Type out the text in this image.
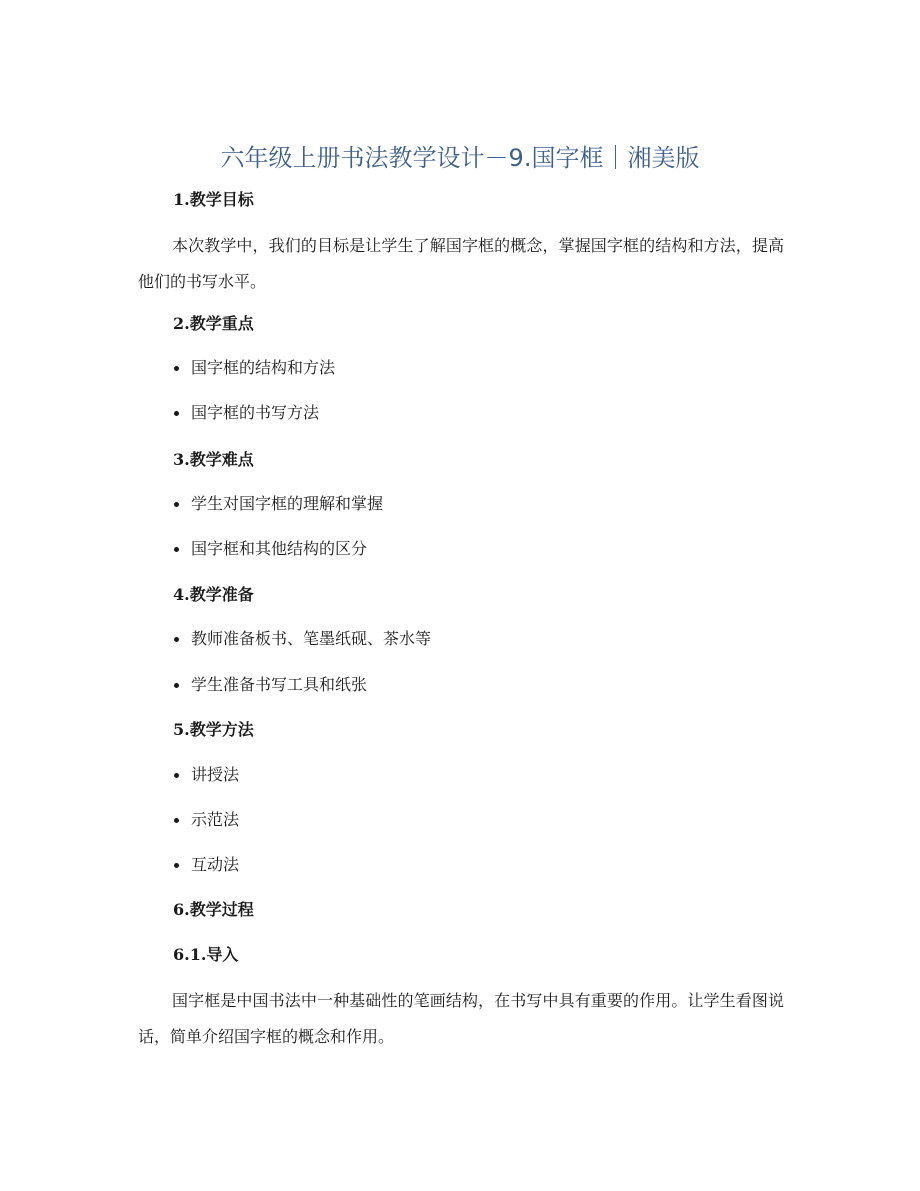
六年级上册书法教学设计－9.国字框｜湘美版
1.教学目标

本次教学中，我们的目标是让学生了解国字框的概念，掌握国字框的结构和方法，提高他们的书写水平。

2.教学重点
国字框的结构和方法
国字框的书写方法
3.教学难点
学生对国字框的理解和掌握
国字框和其他结构的区分
4.教学准备
教师准备板书、笔墨纸砚、茶水等
学生准备书写工具和纸张
5.教学方法
讲授法
示范法
互动法
6.教学过程
6.1.导入

国字框是中国书法中一种基础性的笔画结构，在书写中具有重要的作用。让学生看图说话，简单介绍国字框的概念和作用。
